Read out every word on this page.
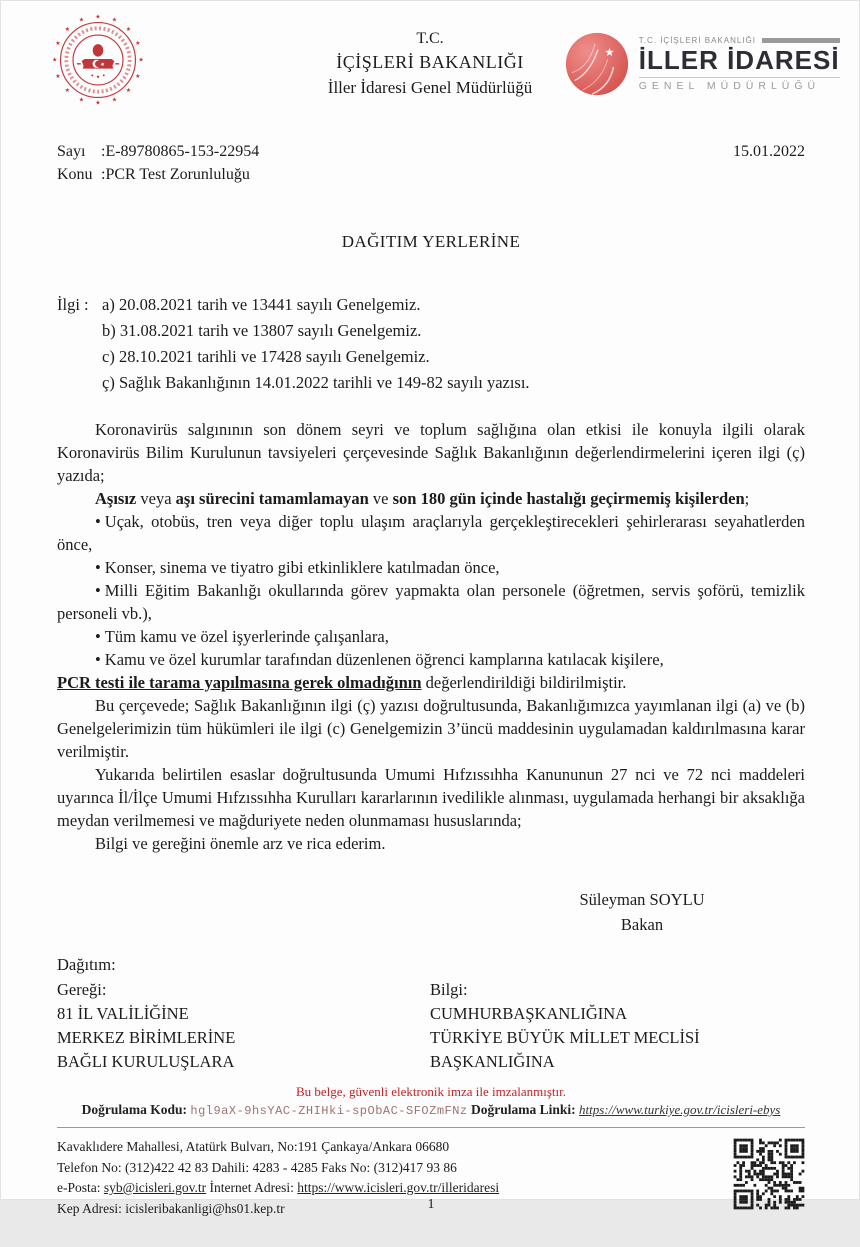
★
★
★
★
★
★
★
★
★
★
★
★ ★ ★
★
★	T.C.
İÇİŞLERİ BAKANLIĞI
İller İdaresi Genel Müdürlüğü
★
T.C. İÇİŞLERİ BAKANLIĞI
İLLER İDARESİ
GENEL MÜDÜRLÜĞÜ
Sayı :E-89780865-153-22954
Konu :PCR Test Zorunluluğu
15.01.2022
DAĞITIM YERLERİNE
İlgi : a) 20.08.2021 tarih ve 13441 sayılı Genelgemiz.
b) 31.08.2021 tarih ve 13807 sayılı Genelgemiz.
c) 28.10.2021 tarihli ve 17428 sayılı Genelgemiz.
ç) Sağlık Bakanlığının 14.01.2022 tarihli ve 149-82 sayılı yazısı.

Koronavirüs salgınının son dönem seyri ve toplum sağlığına olan etkisi ile konuyla ilgili olarak Koronavirüs Bilim Kurulunun tavsiyeleri çerçevesinde Sağlık Bakanlığının değerlendirmelerini içeren ilgi (ç) yazıda;

Aşısız veya aşı sürecini tamamlamayan ve son 180 gün içinde hastalığı geçirmemiş kişilerden;

• Uçak, otobüs, tren veya diğer toplu ulaşım araçlarıyla gerçekleştirecekleri şehirlerarası seyahatlerden önce,

• Konser, sinema ve tiyatro gibi etkinliklere katılmadan önce,

• Milli Eğitim Bakanlığı okullarında görev yapmakta olan personele (öğretmen, servis şoförü, temizlik personeli vb.),

• Tüm kamu ve özel işyerlerinde çalışanlara,

• Kamu ve özel kurumlar tarafından düzenlenen öğrenci kamplarına katılacak kişilere,

PCR testi ile tarama yapılmasına gerek olmadığının değerlendirildiği bildirilmiştir.

Bu çerçevede; Sağlık Bakanlığının ilgi (ç) yazısı doğrultusunda, Bakanlığımızca yayımlanan ilgi (a) ve (b) Genelgelerimizin tüm hükümleri ile ilgi (c) Genelgemizin 3’üncü maddesinin uygulamadan kaldırılmasına karar verilmiştir.

Yukarıda belirtilen esaslar doğrultusunda Umumi Hıfzıssıhha Kanununun 27 nci ve 72 nci maddeleri uyarınca İl/İlçe Umumi Hıfzıssıhha Kurulları kararlarının ivedilikle alınması, uygulamada herhangi bir aksaklığa meydan verilmemesi ve mağduriyete neden olunmaması hususlarında;

Bilgi ve gereğini önemle arz ve rica ederim.

Süleyman SOYLU
Bakan
Dağıtım:
Gereği:
81 İL VALİLİĞİNE
MERKEZ BİRİMLERİNE
BAĞLI KURULUŞLARA
Bilgi:
CUMHURBAŞKANLIĞINA
TÜRKİYE BÜYÜK MİLLET MECLİSİ
BAŞKANLIĞINA
Bu belge, güvenli elektronik imza ile imzalanmıştır.
Doğrulama Kodu: hgl9aX-9hsYAC-ZHIHki-spObAC-SFOZmFNz Doğrulama Linki: https://www.turkiye.gov.tr/icisleri-ebys
Kavaklıdere Mahallesi, Atatürk Bulvarı, No:191 Çankaya/Ankara 06680
Telefon No: (312)422 42 83 Dahili: 4283 - 4285 Faks No: (312)417 93 86
e-Posta: syb@icisleri.gov.tr İnternet Adresi: https://www.icisleri.gov.tr/illeridaresi
Kep Adresi: icisleribakanligi@hs01.kep.tr	1
